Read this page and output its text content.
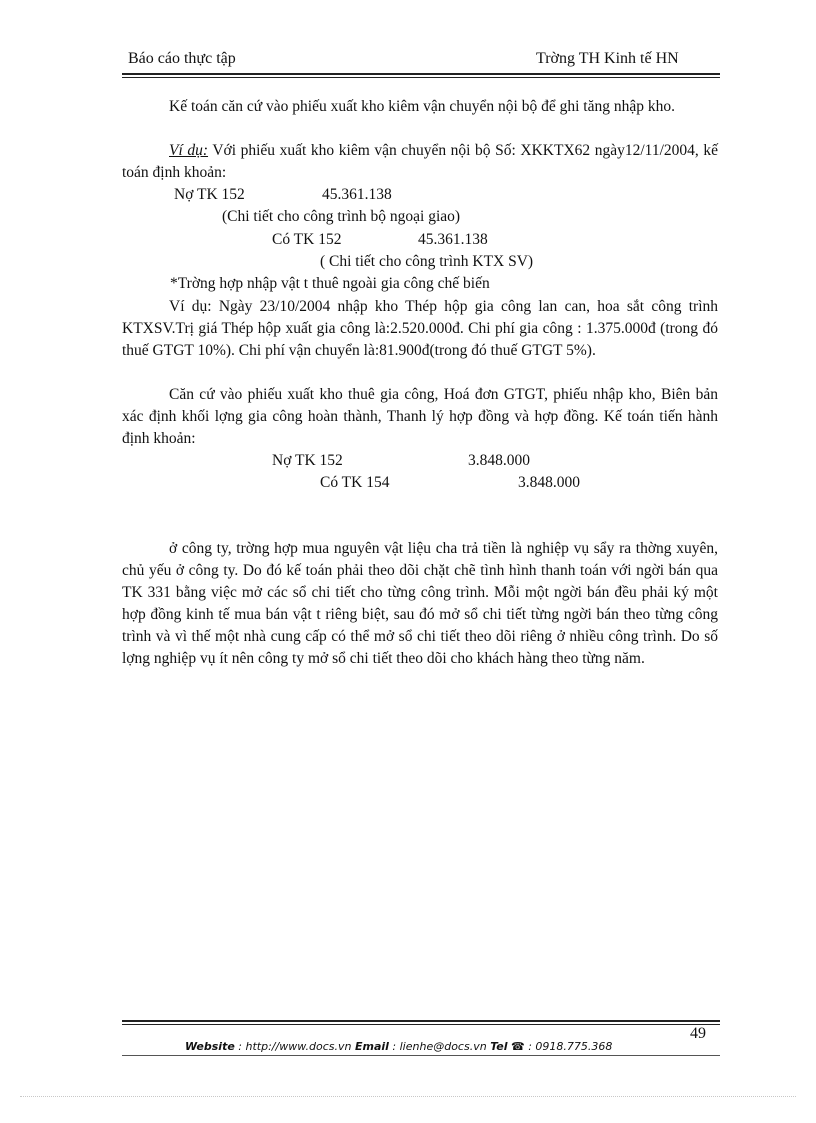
Báo cáo thực tập	Trờng TH Kinh tế HN
Kế toán căn cứ vào phiếu xuất kho kiêm vận chuyển nội bộ để ghi tăng nhập kho.
Ví dụ: Với phiếu xuất kho kiêm vận chuyển nội bộ Số: XKKTX62 ngày12/11/2004, kế toán định khoản:
Nợ TK 152	45.361.138
(Chi tiết cho công trình bộ ngoại giao)
Có TK 152	45.361.138
( Chi tiết cho công trình KTX SV)
*Trờng hợp nhập vật t thuê ngoài gia công chế biến
Ví dụ: Ngày 23/10/2004 nhập kho Thép hộp gia công lan can, hoa sắt công trình KTXSV.Trị giá Thép hộp xuất gia công là:2.520.000đ. Chi phí gia công : 1.375.000đ (trong đó thuế GTGT 10%). Chi phí vận chuyển là:81.900đ(trong đó thuế GTGT 5%).
Căn cứ vào phiếu xuất kho thuê gia công, Hoá đơn GTGT, phiếu nhập kho, Biên bản xác định khối lợng gia công hoàn thành, Thanh lý hợp đồng và hợp đồng. Kế toán tiến hành định khoản:
Nợ TK 152	3.848.000
Có TK 154	3.848.000
ở công ty, trờng hợp mua nguyên vật liệu cha trả tiền là nghiệp vụ sẩy ra thờng xuyên, chủ yếu ở công ty. Do đó kế toán phải theo dõi chặt chẽ tình hình thanh toán với ngời bán qua TK 331 bằng việc mở các sổ chi tiết cho từng công trình. Mỗi một ngời bán đều phải ký một hợp đồng kinh tế mua bán vật t riêng biệt, sau đó mở sổ chi tiết từng ngời bán theo từng công trình và vì thế một nhà cung cấp có thể mở sổ chi tiết theo dõi riêng ở nhiều công trình. Do số lợng nghiệp vụ ít nên công ty mở sổ chi tiết theo dõi cho khách hàng theo từng năm.
49
Website : http://www.docs.vn Email : lienhe@docs.vn Tel ☎ : 0918.775.368
